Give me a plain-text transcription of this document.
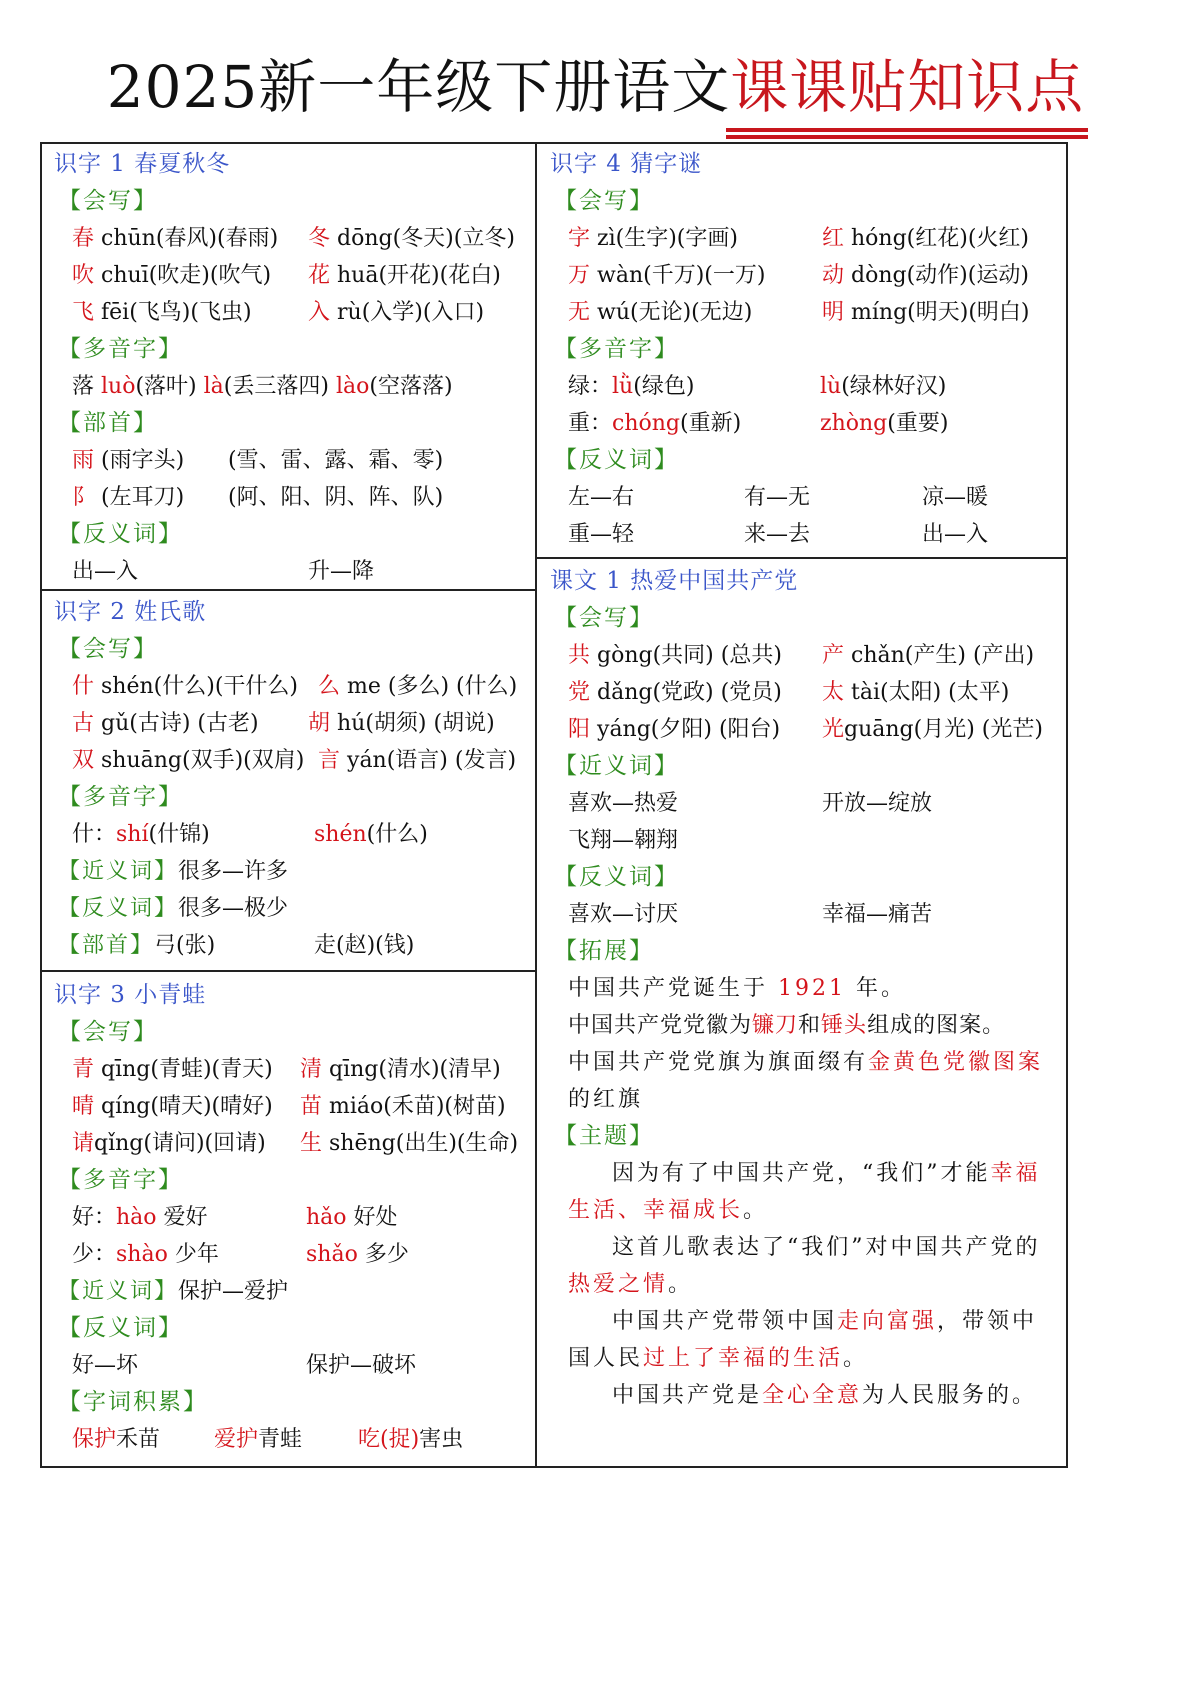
2025新一年级下册语文课课贴知识点
识字 1 春夏秋冬
【会写】
春 chūn(春风)(春雨) 冬 dōng(冬天)(立冬)
吹 chuī(吹走)(吹气) 花 huā(开花)(花白)
飞 fēi(飞鸟)(飞虫)	入 rù(入学)(入口)
【多音字】
落 luò(落叶) là(丢三落四) lào(空落落)
【部首】
雨 (雨字头) (雪、雷、露、霜、零)
阝 (左耳刀) (阿、阳、阴、阵、队)
【反义词】
出—入	升—降
识字 2 姓氏歌
【会写】
什 shén(什么)(干什么) 么 me (多么) (什么)
古 gǔ(古诗) (古老) 胡 hú(胡须) (胡说)
双 shuāng(双手)(双肩) 言 yán(语言) (发言)
【多音字】
什：shí(什锦)	shén(什么)
【近义词】很多—许多
【反义词】很多—极少
【部首】弓(张)	走(赵)(钱)
识字 3 小青蛙
【会写】
青 qīng(青蛙)(青天) 清 qīng(清水)(清早)
晴 qíng(晴天)(晴好) 苗 miáo(禾苗)(树苗)
请qǐng(请问)(回请) 生 shēng(出生)(生命)
【多音字】
好：hào 爱好	hǎo 好处
少：shào 少年	shǎo 多少
【近义词】保护—爱护
【反义词】
好—坏	保护—破坏
【字词积累】
保护禾苗 爱护青蛙	吃(捉)害虫
识字 4 猜字谜
【会写】
字 zì(生字)(字画)	红 hóng(红花)(火红)
万 wàn(千万)(一万)	动 dòng(动作)(运动)
无 wú(无论)(无边)	明 míng(明天)(明白)
【多音字】
绿：lǜ(绿色)	lù(绿林好汉)
重：chóng(重新)	zhòng(重要)
【反义词】
左—右	有—无	凉—暖
重—轻	来—去	出—入
课文 1 热爱中国共产党
【会写】
共 gòng(共同) (总共) 产 chǎn(产生) (产出)
党 dǎng(党政) (党员) 太 tài(太阳) (太平)
阳 yáng(夕阳) (阳台) 光guāng(月光) (光芒)
【近义词】
喜欢—热爱	开放—绽放
飞翔—翱翔
【反义词】
喜欢—讨厌	幸福—痛苦
【拓展】
中国共产党诞生于 1921 年。
中国共产党党徽为镰刀和锤头组成的图案。
中国共产党党旗为旗面缀有金黄色党徽图案的红旗
【主题】
因为有了中国共产党，“我们”才能幸福生活、幸福成长。
这首儿歌表达了“我们”对中国共产党的热爱之情。
中国共产党带领中国走向富强，带领中国人民过上了幸福的生活。
中国共产党是全心全意为人民服务的。
